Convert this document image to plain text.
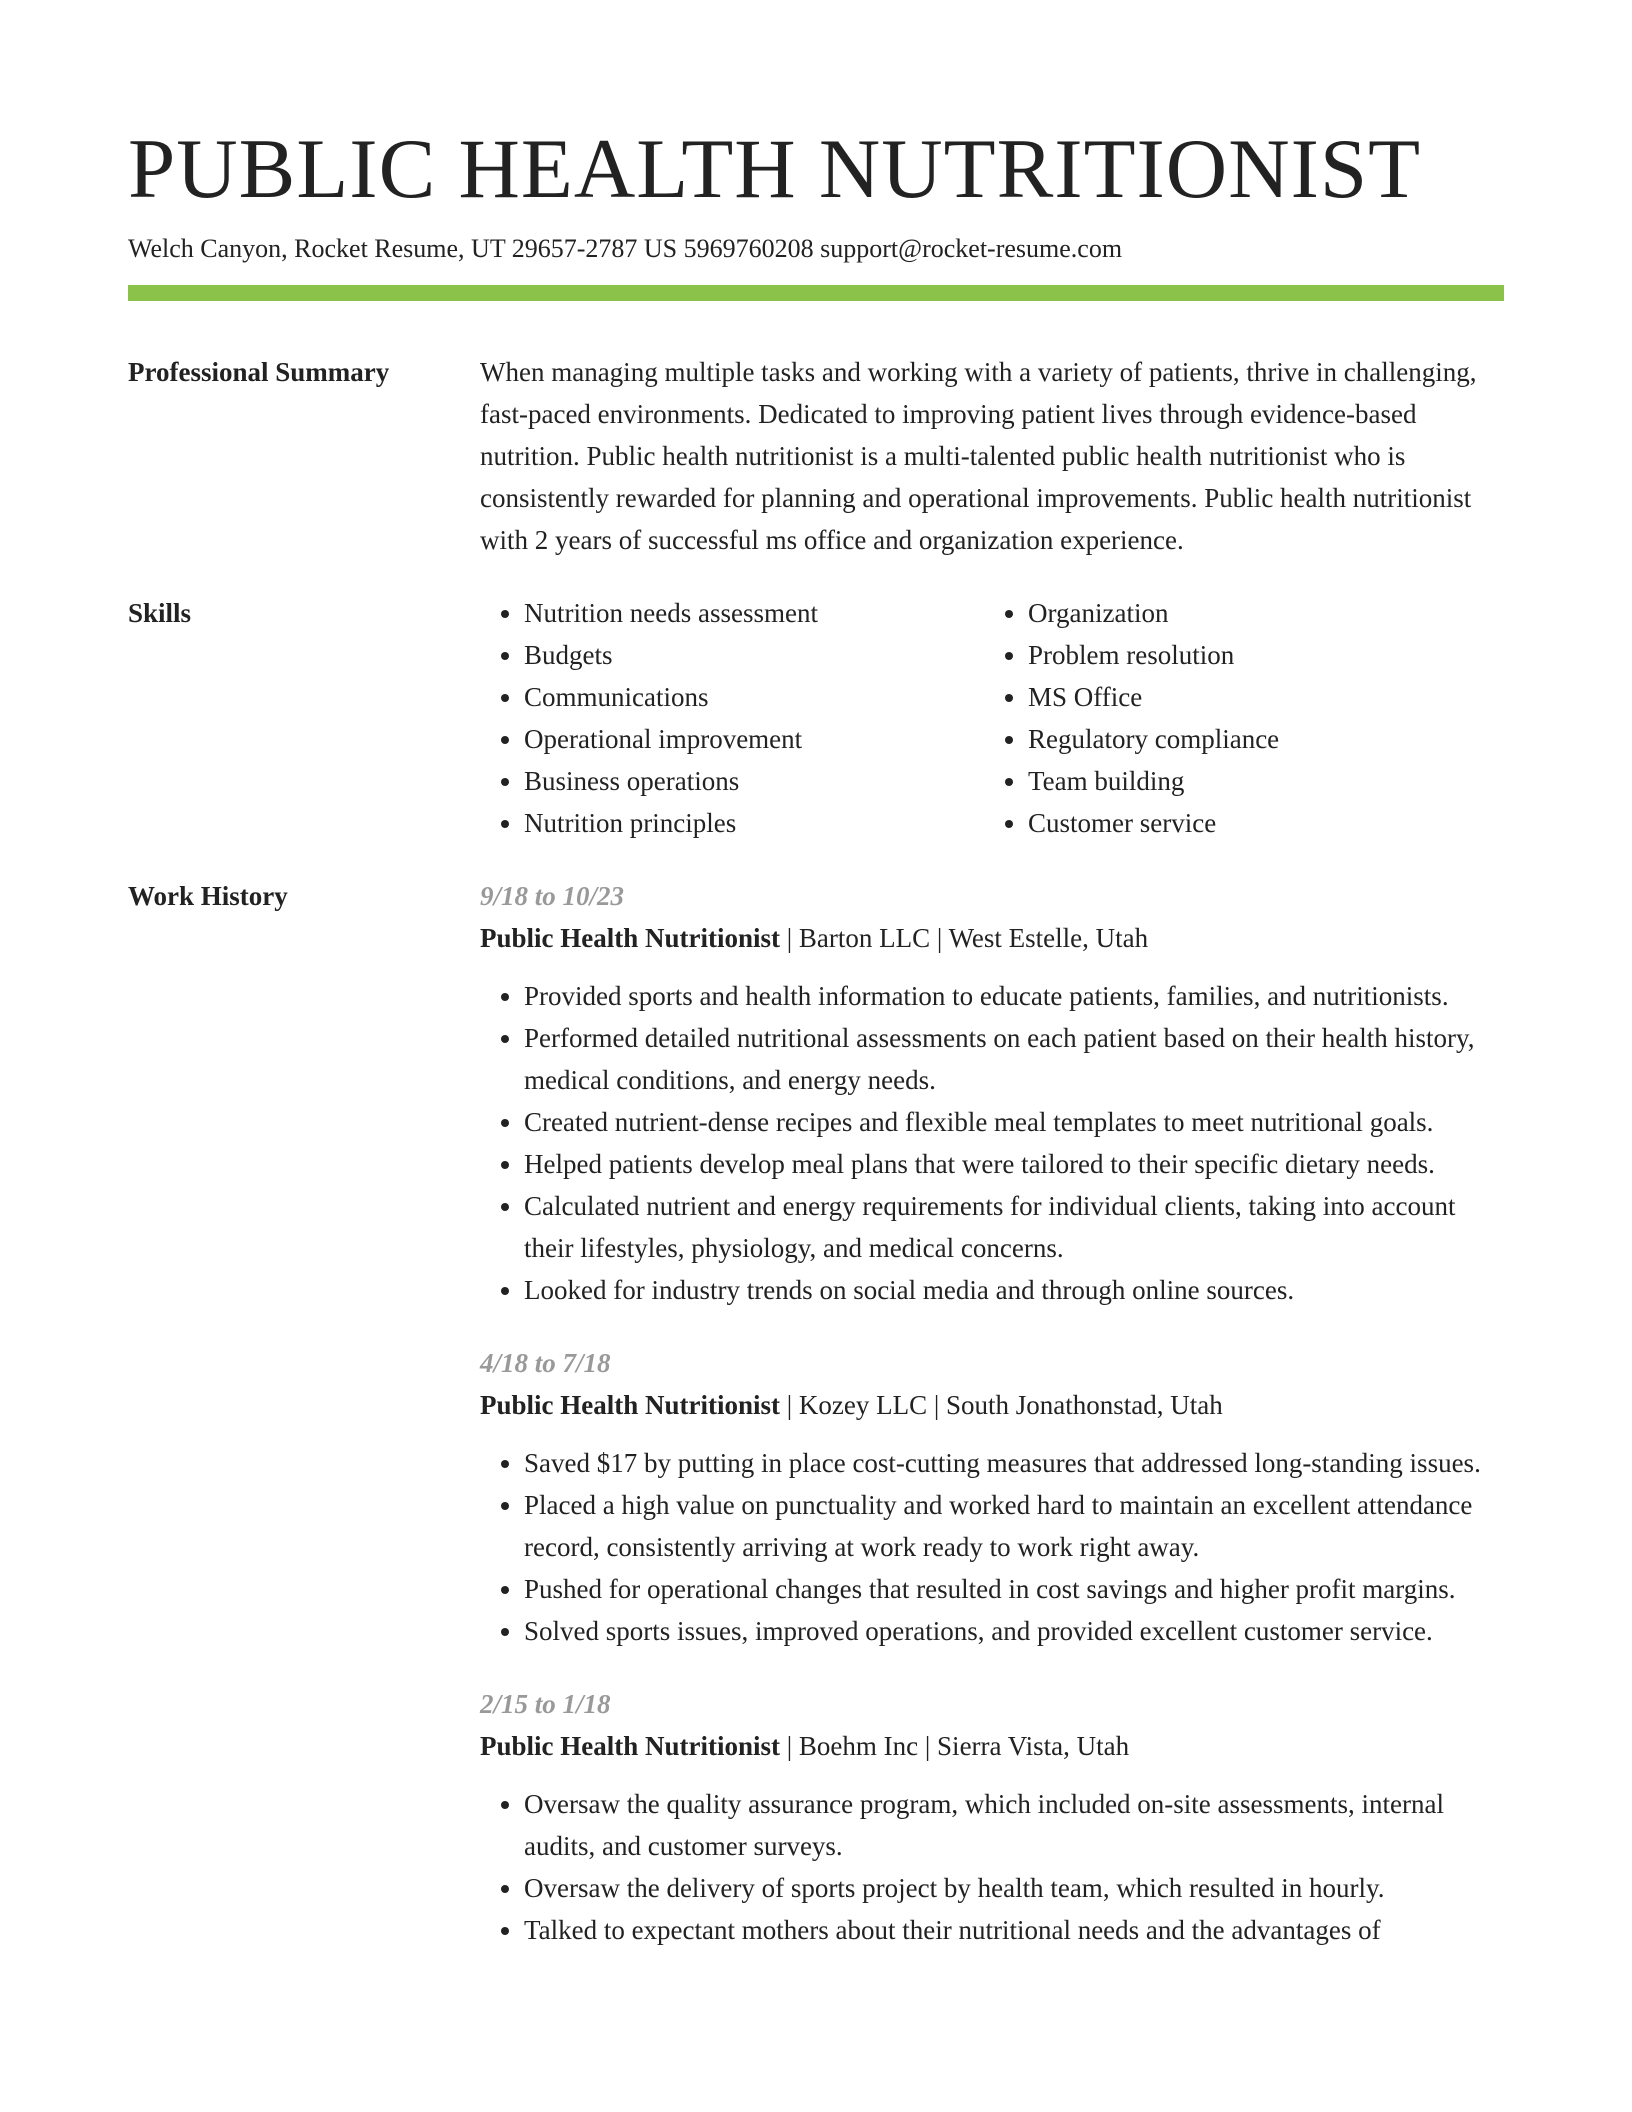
PUBLIC HEALTH NUTRITIONIST
Welch Canyon, Rocket Resume, UT 29657-2787 US 5969760208 support@rocket-resume.com
Professional Summary	When managing multiple tasks and working with a variety of patients, thrive in challenging, fast-paced environments. Dedicated to improving patient lives through evidence-based nutrition. Public health nutritionist is a multi-talented public health nutritionist who is consistently rewarded for planning and operational improvements. Public health nutritionist with 2 years of successful ms office and organization experience.

Skills
•	Nutrition needs assessment
• Budgets
• Communications
• Operational improvement
• Business operations
• Nutrition principles
• Organization
• Problem resolution
• MS Office
• Regulatory compliance
• Team building
• Customer service
Work History	9/18 to 10/23
Public Health Nutritionist | Barton LLC | West Estelle, Utah
• Provided sports and health information to educate patients, families, and nutritionists.
• Performed detailed nutritional assessments on each patient based on their health history, medical conditions, and energy needs.
• Created nutrient-dense recipes and flexible meal templates to meet nutritional goals.
• Helped patients develop meal plans that were tailored to their specific dietary needs.
• Calculated nutrient and energy requirements for individual clients, taking into account their lifestyles, physiology, and medical concerns.
• Looked for industry trends on social media and through online sources.
4/18 to 7/18
Public Health Nutritionist | Kozey LLC | South Jonathonstad, Utah
• Saved $17 by putting in place cost-cutting measures that addressed long-standing issues.
• Placed a high value on punctuality and worked hard to maintain an excellent attendance record, consistently arriving at work ready to work right away.
• Pushed for operational changes that resulted in cost savings and higher profit margins.
• Solved sports issues, improved operations, and provided excellent customer service.
2/15 to 1/18
Public Health Nutritionist | Boehm Inc | Sierra Vista, Utah
• Oversaw the quality assurance program, which included on-site assessments, internal audits, and customer surveys.
• Oversaw the delivery of sports project by health team, which resulted in hourly.
• Talked to expectant mothers about their nutritional needs and the advantages of
